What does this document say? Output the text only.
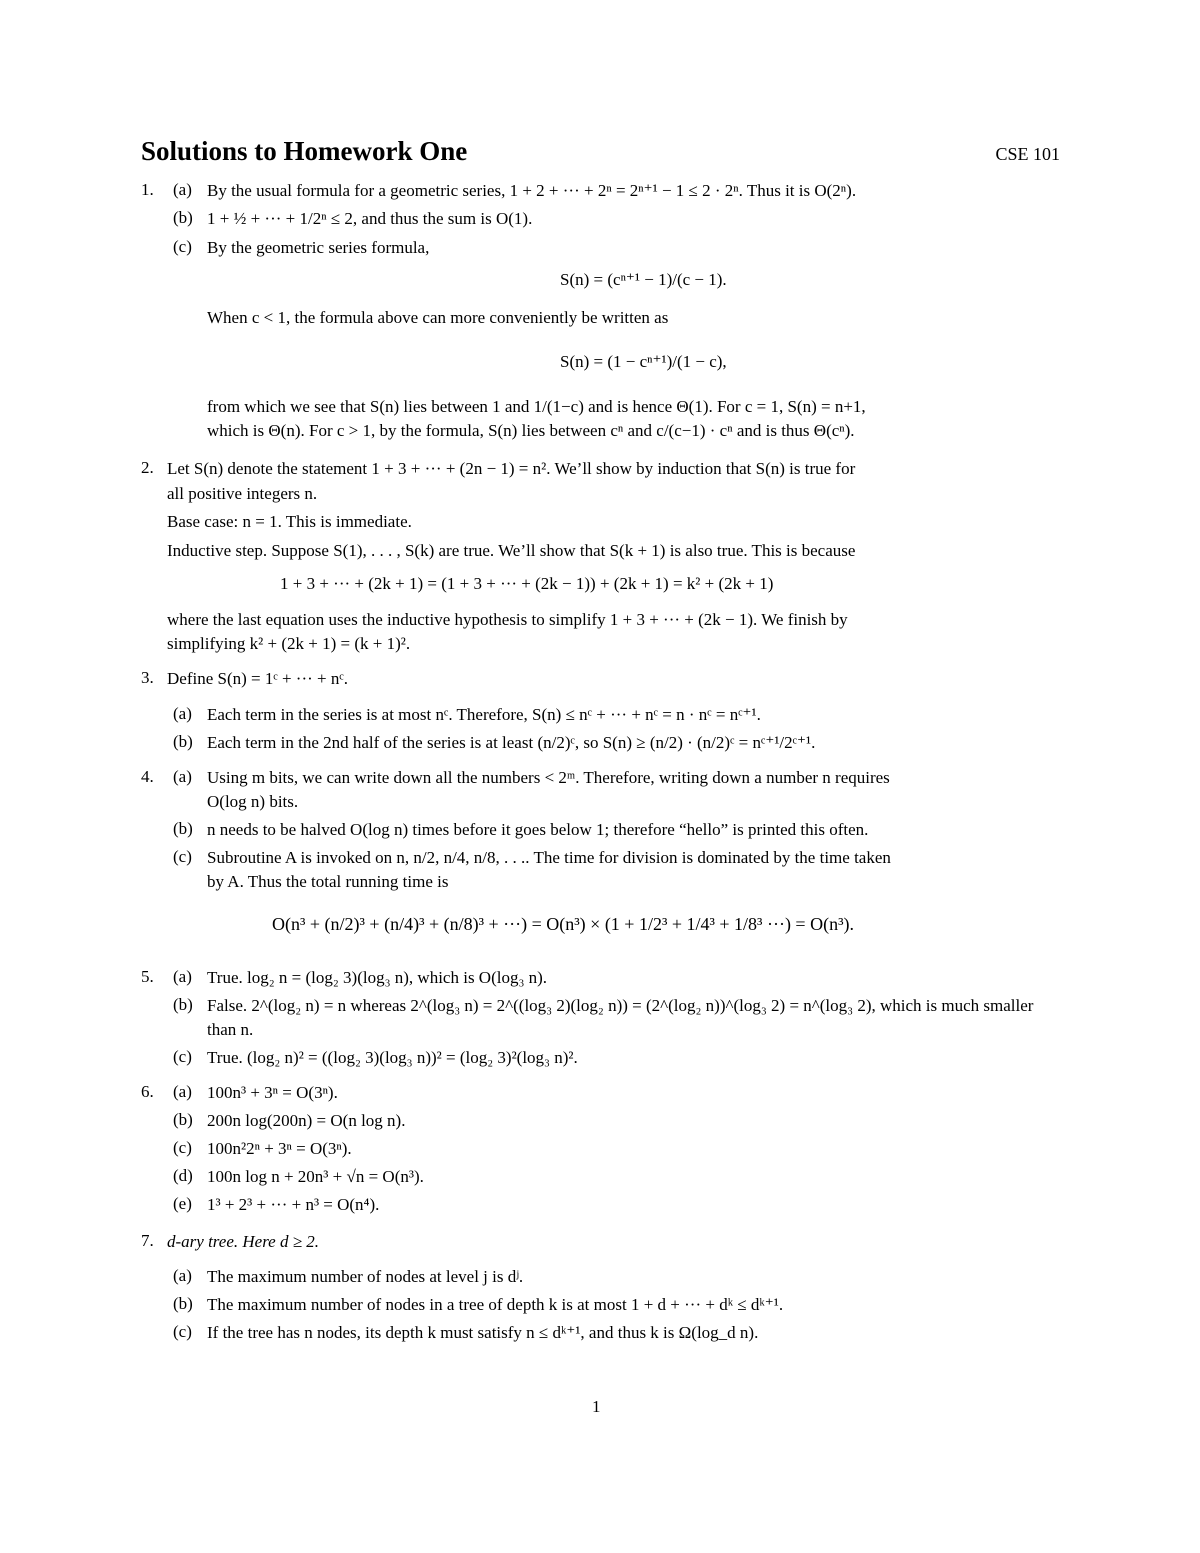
Solutions to Homework One	CSE 101
1. (a) By the usual formula for a geometric series, 1 + 2 + ··· + 2ⁿ = 2ⁿ⁺¹ − 1 ≤ 2 · 2ⁿ. Thus it is O(2ⁿ).
(b) 1 + ½ + ··· + 1/2ⁿ ≤ 2, and thus the sum is O(1).
(c) By the geometric series formula,
S(n) = (cⁿ⁺¹ − 1)/(c − 1).
When c < 1, the formula above can more conveniently be written as
S(n) = (1 − cⁿ⁺¹)/(1 − c),
from which we see that S(n) lies between 1 and 1/(1−c) and is hence Θ(1). For c = 1, S(n) = n+1,
which is Θ(n). For c > 1, by the formula, S(n) lies between cⁿ and c/(c−1) · cⁿ and is thus Θ(cⁿ).
2. Let S(n) denote the statement 1 + 3 + ··· + (2n − 1) = n². We’ll show by induction that S(n) is true for
all positive integers n.
Base case: n = 1. This is immediate.
Inductive step. Suppose S(1), . . . , S(k) are true. We’ll show that S(k + 1) is also true. This is because
1 + 3 + ··· + (2k + 1) = (1 + 3 + ··· + (2k − 1)) + (2k + 1) = k² + (2k + 1)
where the last equation uses the inductive hypothesis to simplify 1 + 3 + ··· + (2k − 1). We finish by
simplifying k² + (2k + 1) = (k + 1)².
3. Define S(n) = 1ᶜ + ··· + nᶜ.
(a) Each term in the series is at most nᶜ. Therefore, S(n) ≤ nᶜ + ··· + nᶜ = n · nᶜ = nᶜ⁺¹.
(b) Each term in the 2nd half of the series is at least (n/2)ᶜ, so S(n) ≥ (n/2) · (n/2)ᶜ = nᶜ⁺¹/2ᶜ⁺¹.
4. (a) Using m bits, we can write down all the numbers < 2ᵐ. Therefore, writing down a number n requires
O(log n) bits.
(b) n needs to be halved O(log n) times before it goes below 1; therefore “hello” is printed this often.
(c) Subroutine A is invoked on n, n/2, n/4, n/8, . . .. The time for division is dominated by the time taken
by A. Thus the total running time is
O(n³ + (n/2)³ + (n/4)³ + (n/8)³ + ···) = O(n³) × (1 + 1/2³ + 1/4³ + 1/8³ ···) = O(n³).
5. (a) True. log₂ n = (log₂ 3)(log₃ n), which is O(log₃ n).
(b) False. 2^(log₂ n) = n whereas 2^(log₃ n) = 2^((log₃ 2)(log₂ n)) = (2^(log₂ n))^(log₃ 2) = n^(log₃ 2), which is much smaller
than n.
(c) True. (log₂ n)² = ((log₂ 3)(log₃ n))² = (log₂ 3)²(log₃ n)².
6. (a) 100n³ + 3ⁿ = O(3ⁿ).
(b) 200n log(200n) = O(n log n).
(c) 100n²2ⁿ + 3ⁿ = O(3ⁿ).
(d) 100n log n + 20n³ + √n = O(n³).
(e) 1³ + 2³ + ··· + n³ = O(n⁴).
7. d-ary tree. Here d ≥ 2.
(a) The maximum number of nodes at level j is dʲ.
(b) The maximum number of nodes in a tree of depth k is at most 1 + d + ··· + dᵏ ≤ dᵏ⁺¹.
(c) If the tree has n nodes, its depth k must satisfy n ≤ dᵏ⁺¹, and thus k is Ω(log_d n).
1
